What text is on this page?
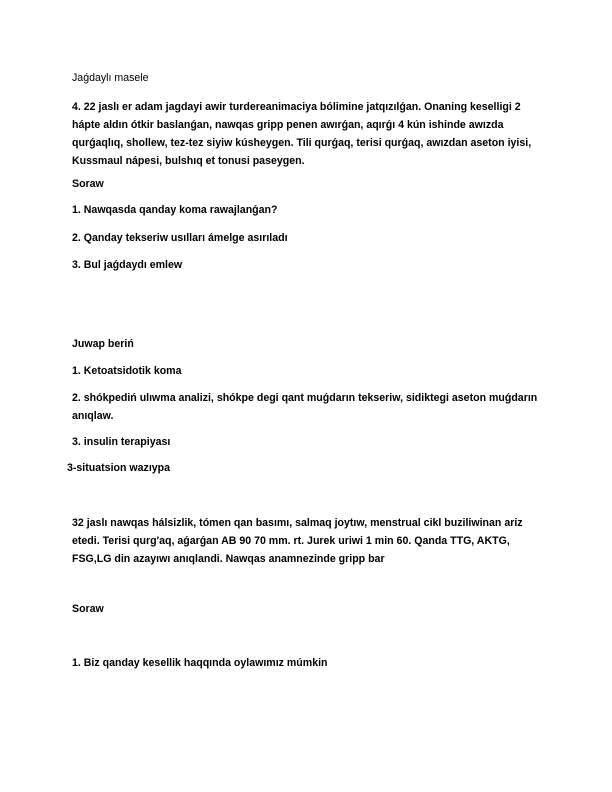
Jaǵdaylı masele
4. 22 jaslı er adam jagdayi awir turdereanimaciya bólimine jatqızılǵan. Onaning keselligi 2 hápte aldın ótkir baslanǵan, nawqas gripp penen awırǵan, aqırǵı 4 kún ishinde awızda qurǵaqlıq, shollew, tez-tez siyiw kúsheygen. Tili qurǵaq, terisi qurǵaq, awızdan aseton iyisi, Kussmaul nápesi, bulshıq et tonusi paseygen.
Soraw
1. Nawqasda qanday koma rawajlanǵan?
2. Qanday tekseriw usılları ámelge asırıladı
3. Bul jaǵdaydı emlew
Juwap beriń
1. Ketoatsidotik koma
2. shókpediń ulıwma analizi, shókpe degi qant muǵdarın tekseriw, sidiktegi aseton muǵdarın anıqlaw.
3. insulin terapiyası
3-situatsion wazıypa
32 jaslı nawqas hálsizlik, tómen qan basımı, salmaq joytıw, menstrual cikl buziliwinan ariz etedi. Terisi qurg'aq, aǵarǵan AB 90 70 mm. rt. Jurek uriwi 1 min 60. Qanda TTG, AKTG, FSG,LG din azayıwı anıqlandi. Nawqas anamnezinde gripp bar
Soraw
1. Biz qanday kesellik haqqında oylawımız múmkin
